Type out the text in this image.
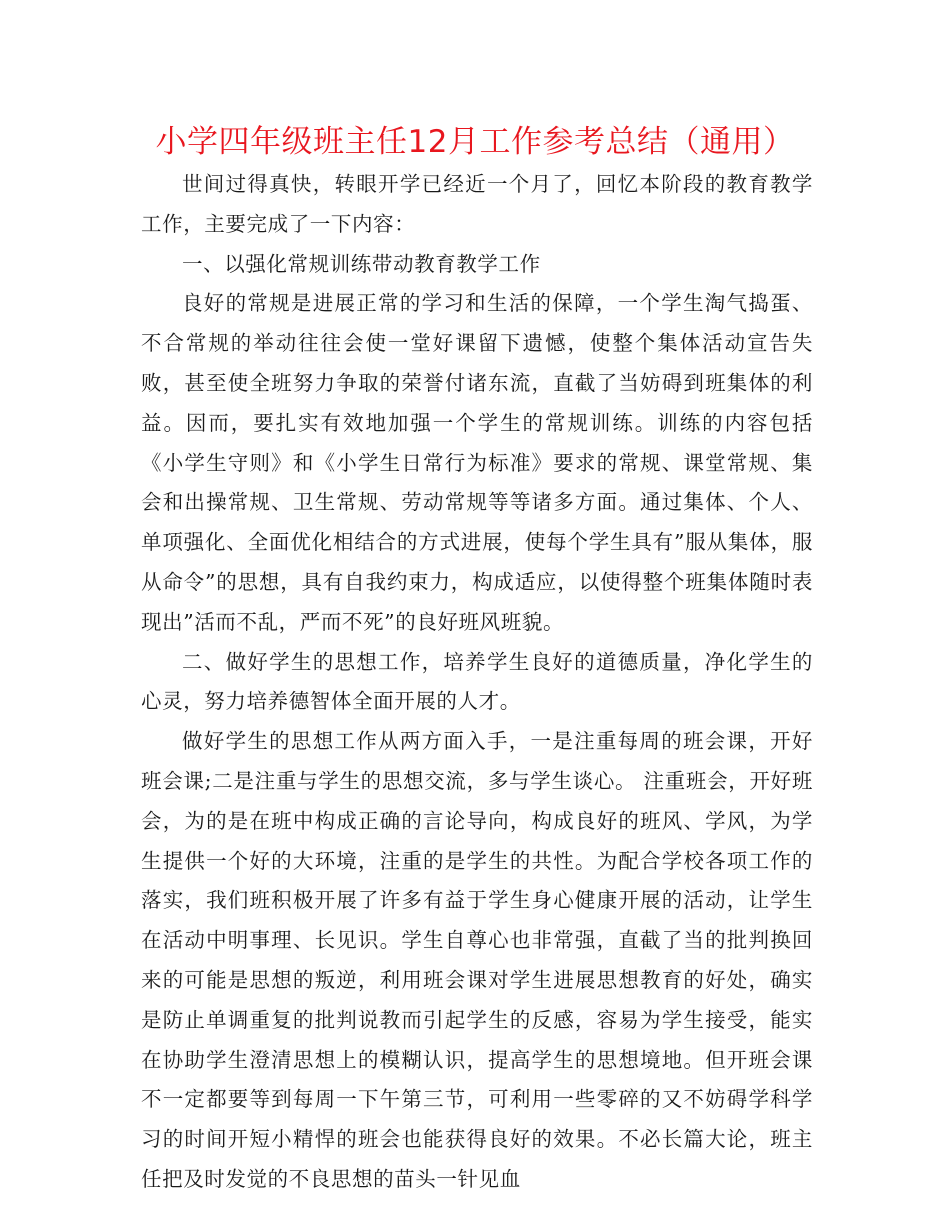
小学四年级班主任12月工作参考总结（通用）

世间过得真快，转眼开学已经近一个月了，回忆本阶段的教育教学工作，主要完成了一下内容：

一、以强化常规训练带动教育教学工作

良好的常规是进展正常的学习和生活的保障，一个学生淘气捣蛋、不合常规的举动往往会使一堂好课留下遗憾，使整个集体活动宣告失败，甚至使全班努力争取的荣誉付诸东流，直截了当妨碍到班集体的利益。因而，要扎实有效地加强一个学生的常规训练。训练的内容包括《小学生守则》和《小学生日常行为标准》要求的常规、课堂常规、集会和出操常规、卫生常规、劳动常规等等诸多方面。通过集体、个人、单项强化、全面优化相结合的方式进展，使每个学生具有”服从集体，服从命令”的思想，具有自我约束力，构成适应，以使得整个班集体随时表现出”活而不乱，严而不死”的良好班风班貌。

二、做好学生的思想工作，培养学生良好的道德质量，净化学生的心灵，努力培养德智体全面开展的人才。

做好学生的思想工作从两方面入手，一是注重每周的班会课，开好班会课;二是注重与学生的思想交流，多与学生谈心。 注重班会，开好班会，为的是在班中构成正确的言论导向，构成良好的班风、学风，为学生提供一个好的大环境，注重的是学生的共性。为配合学校各项工作的落实，我们班积极开展了许多有益于学生身心健康开展的活动，让学生在活动中明事理、长见识。学生自尊心也非常强，直截了当的批判换回来的可能是思想的叛逆，利用班会课对学生进展思想教育的好处，确实是防止单调重复的批判说教而引起学生的反感，容易为学生接受，能实在协助学生澄清思想上的模糊认识，提高学生的思想境地。但开班会课不一定都要等到每周一下午第三节，可利用一些零碎的又不妨碍学科学习的时间开短小精悍的班会也能获得良好的效果。不必长篇大论，班主任把及时发觉的不良思想的苗头一针见血
